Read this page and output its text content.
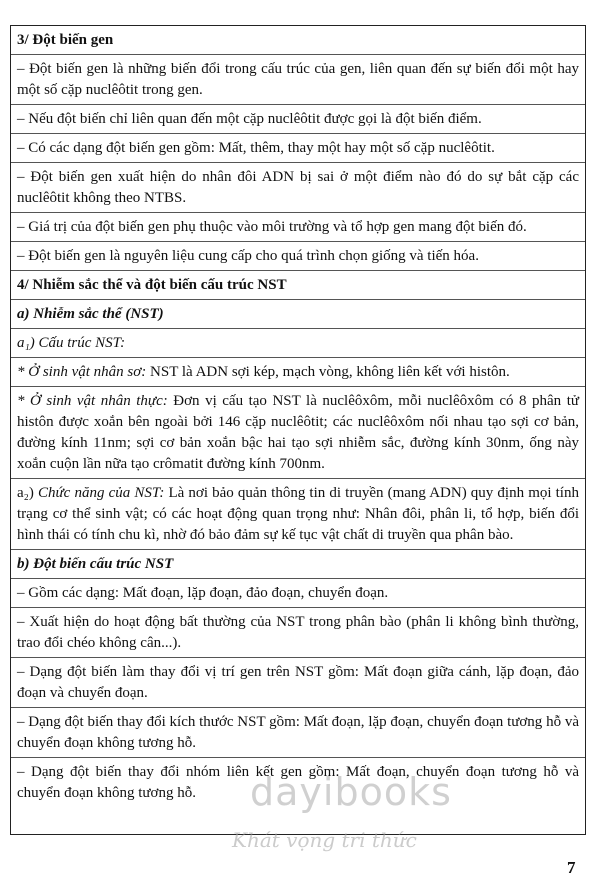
3/ Đột biến gen
– Đột biến gen là những biến đổi trong cấu trúc của gen, liên quan đến sự biến đổi một hay một số cặp nuclêôtit trong gen.
– Nếu đột biến chỉ liên quan đến một cặp nuclêôtit được gọi là đột biến điểm.
– Có các dạng đột biến gen gồm: Mất, thêm, thay một hay một số cặp nuclêôtit.
– Đột biến gen xuất hiện do nhân đôi ADN bị sai ở một điểm nào đó do sự bắt cặp các nuclêôtit không theo NTBS.
– Giá trị của đột biến gen phụ thuộc vào môi trường và tổ hợp gen mang đột biến đó.
– Đột biến gen là nguyên liệu cung cấp cho quá trình chọn giống và tiến hóa.
4/ Nhiễm sắc thể và đột biến cấu trúc NST
a) Nhiễm sắc thể (NST)
a₁) Cấu trúc NST:
* Ở sinh vật nhân sơ: NST là ADN sợi kép, mạch vòng, không liên kết với histôn.
* Ở sinh vật nhân thực: Đơn vị cấu tạo NST là nuclêôxôm, mỗi nuclêôxôm có 8 phân tử histôn được xoắn bên ngoài bởi 146 cặp nuclêôtit; các nuclêôxôm nối nhau tạo sợi cơ bản, đường kính 11nm; sợi cơ bản xoắn bậc hai tạo sợi nhiễm sắc, đường kính 30nm, ống này xoắn cuộn lần nữa tạo crômatit đường kính 700nm.
a₂) Chức năng của NST: Là nơi bảo quản thông tin di truyền (mang ADN) quy định mọi tính trạng cơ thể sinh vật; có các hoạt động quan trọng như: Nhân đôi, phân li, tổ hợp, biến đổi hình thái có tính chu kì, nhờ đó bảo đảm sự kế tục vật chất di truyền qua phân bào.
b) Đột biến cấu trúc NST
– Gồm các dạng: Mất đoạn, lặp đoạn, đảo đoạn, chuyển đoạn.
– Xuất hiện do hoạt động bất thường của NST trong phân bào (phân li không bình thường, trao đổi chéo không cân...).
– Dạng đột biến làm thay đổi vị trí gen trên NST gồm: Mất đoạn giữa cánh, lặp đoạn, đảo đoạn và chuyển đoạn.
– Dạng đột biến thay đổi kích thước NST gồm: Mất đoạn, lặp đoạn, chuyển đoạn tương hỗ và chuyển đoạn không tương hỗ.
– Dạng đột biến thay đổi nhóm liên kết gen gồm: Mất đoạn, chuyển đoạn tương hỗ và chuyển đoạn không tương hỗ.	dayibooks
Khát vọng tri thức
7
